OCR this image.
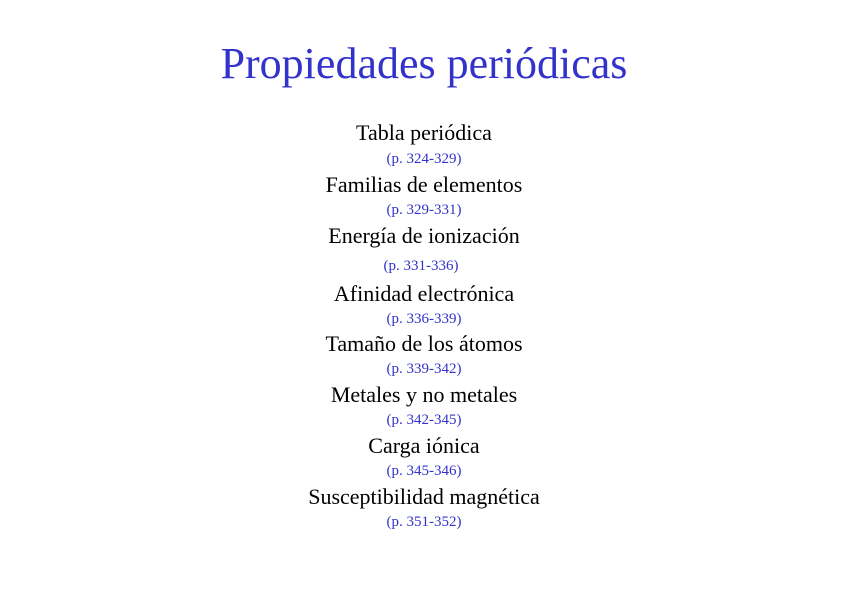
Propiedades periódicas
Tabla periódica
(p. 324-329)
Familias de elementos
(p. 329-331)
Energía de ionización
(p. 331-336)
Afinidad electrónica
(p. 336-339)
Tamaño de los átomos
(p. 339-342)
Metales y no metales
(p. 342-345)
Carga iónica
(p. 345-346)
Susceptibilidad magnética
(p. 351-352)
